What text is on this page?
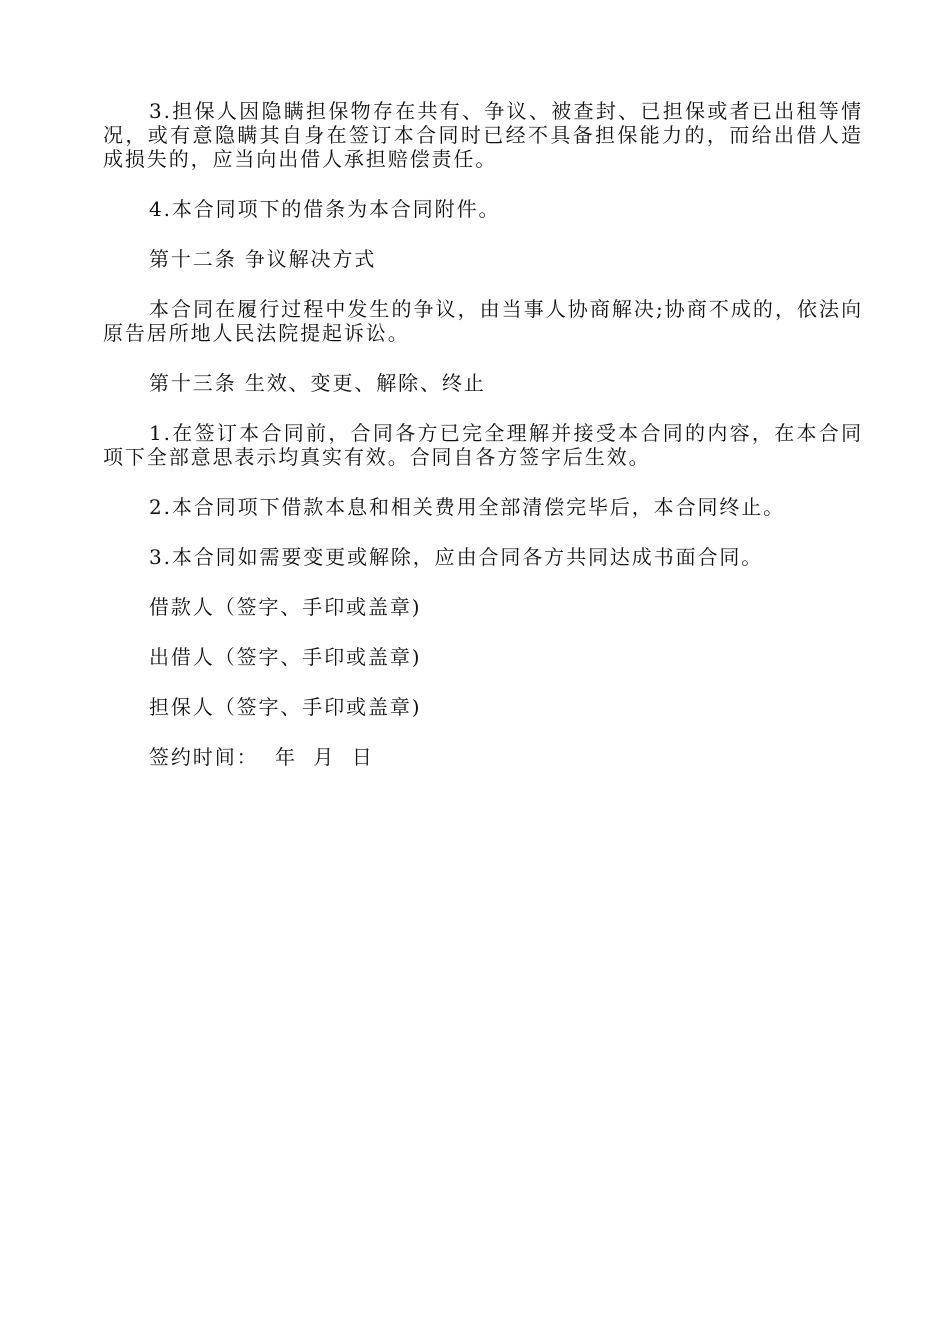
3.担保人因隐瞒担保物存在共有、争议、被查封、已担保或者已出租等情况，或有意隐瞒其自身在签订本合同时已经不具备担保能力的，而给出借人造成损失的，应当向出借人承担赔偿责任。

4.本合同项下的借条为本合同附件。

第十二条 争议解决方式

本合同在履行过程中发生的争议，由当事人协商解决;协商不成的，依法向原告居所地人民法院提起诉讼。

第十三条 生效、变更、解除、终止

1.在签订本合同前，合同各方已完全理解并接受本合同的内容，在本合同项下全部意思表示均真实有效。合同自各方签字后生效。

2.本合同项下借款本息和相关费用全部清偿完毕后，本合同终止。

3.本合同如需要变更或解除，应由合同各方共同达成书面合同。

借款人（签字、手印或盖章)

出借人（签字、手印或盖章)

担保人（签字、手印或盖章)

签约时间：  年  月  日
